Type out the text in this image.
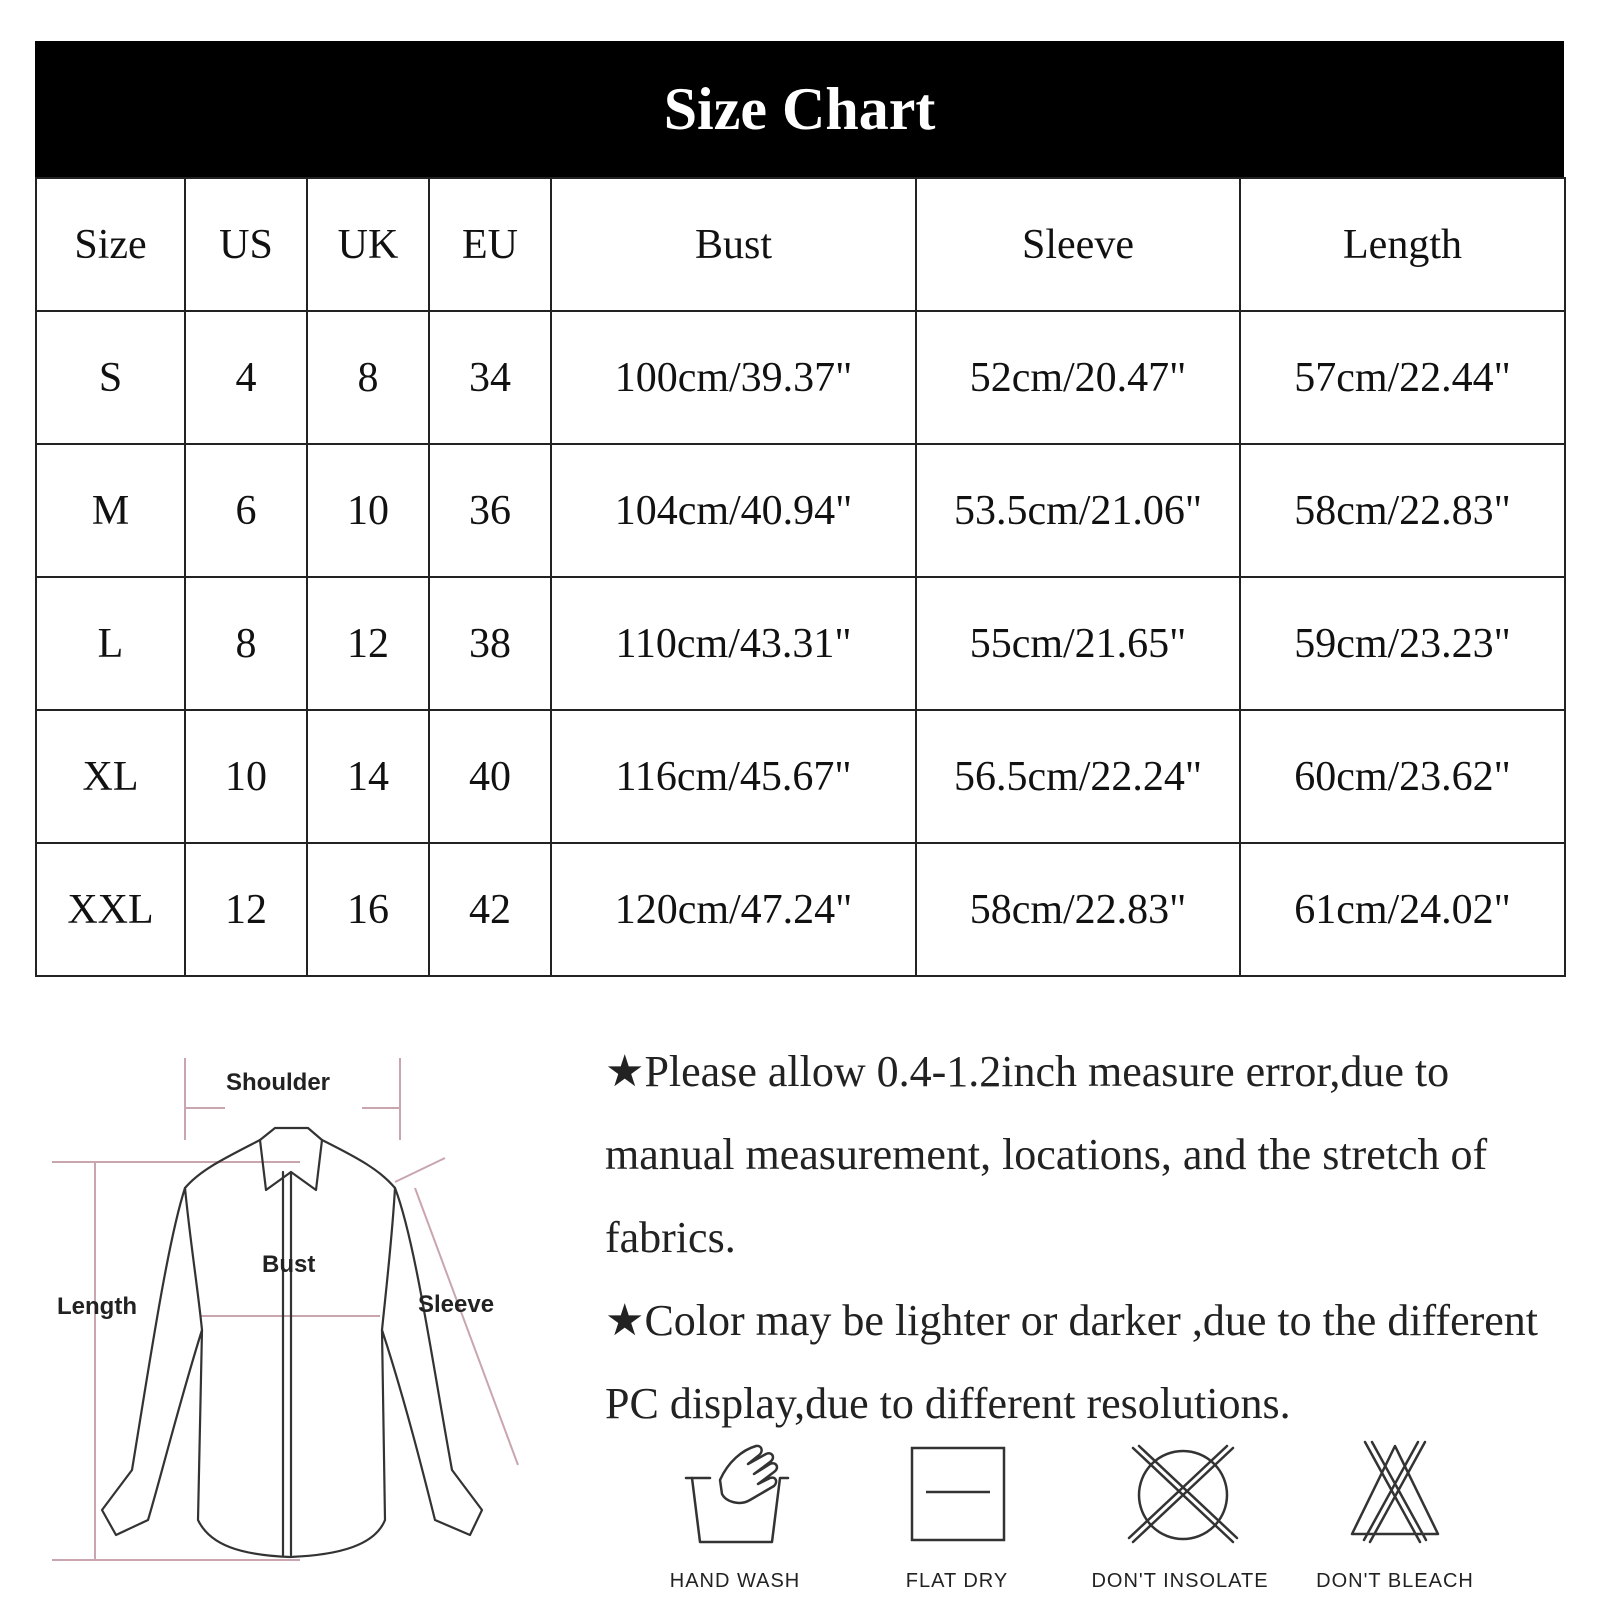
Size Chart
Size	US	UK	EU	Bust	Sleeve	Length
S	4	8	34	100cm/39.37"	52cm/20.47"	57cm/22.44"
M	6	10	36	104cm/40.94"	53.5cm/21.06"	58cm/22.83"
L	8	12	38	110cm/43.31"	55cm/21.65"	59cm/23.23"
XL	10	14	40	116cm/45.67"	56.5cm/22.24"	60cm/23.62"
XXL	12	16	42	120cm/47.24"	58cm/22.83"	61cm/24.02"
Shoulder
Bust
Length	Sleeve

★Please allow 0.4-1.2inch measure error,due to manual measurement, locations, and the stretch of fabrics.

★Color may be lighter or darker ,due to the different PC display,due to different resolutions.

HAND WASH	FLAT DRY	DON'T INSOLATE	DON'T BLEACH
